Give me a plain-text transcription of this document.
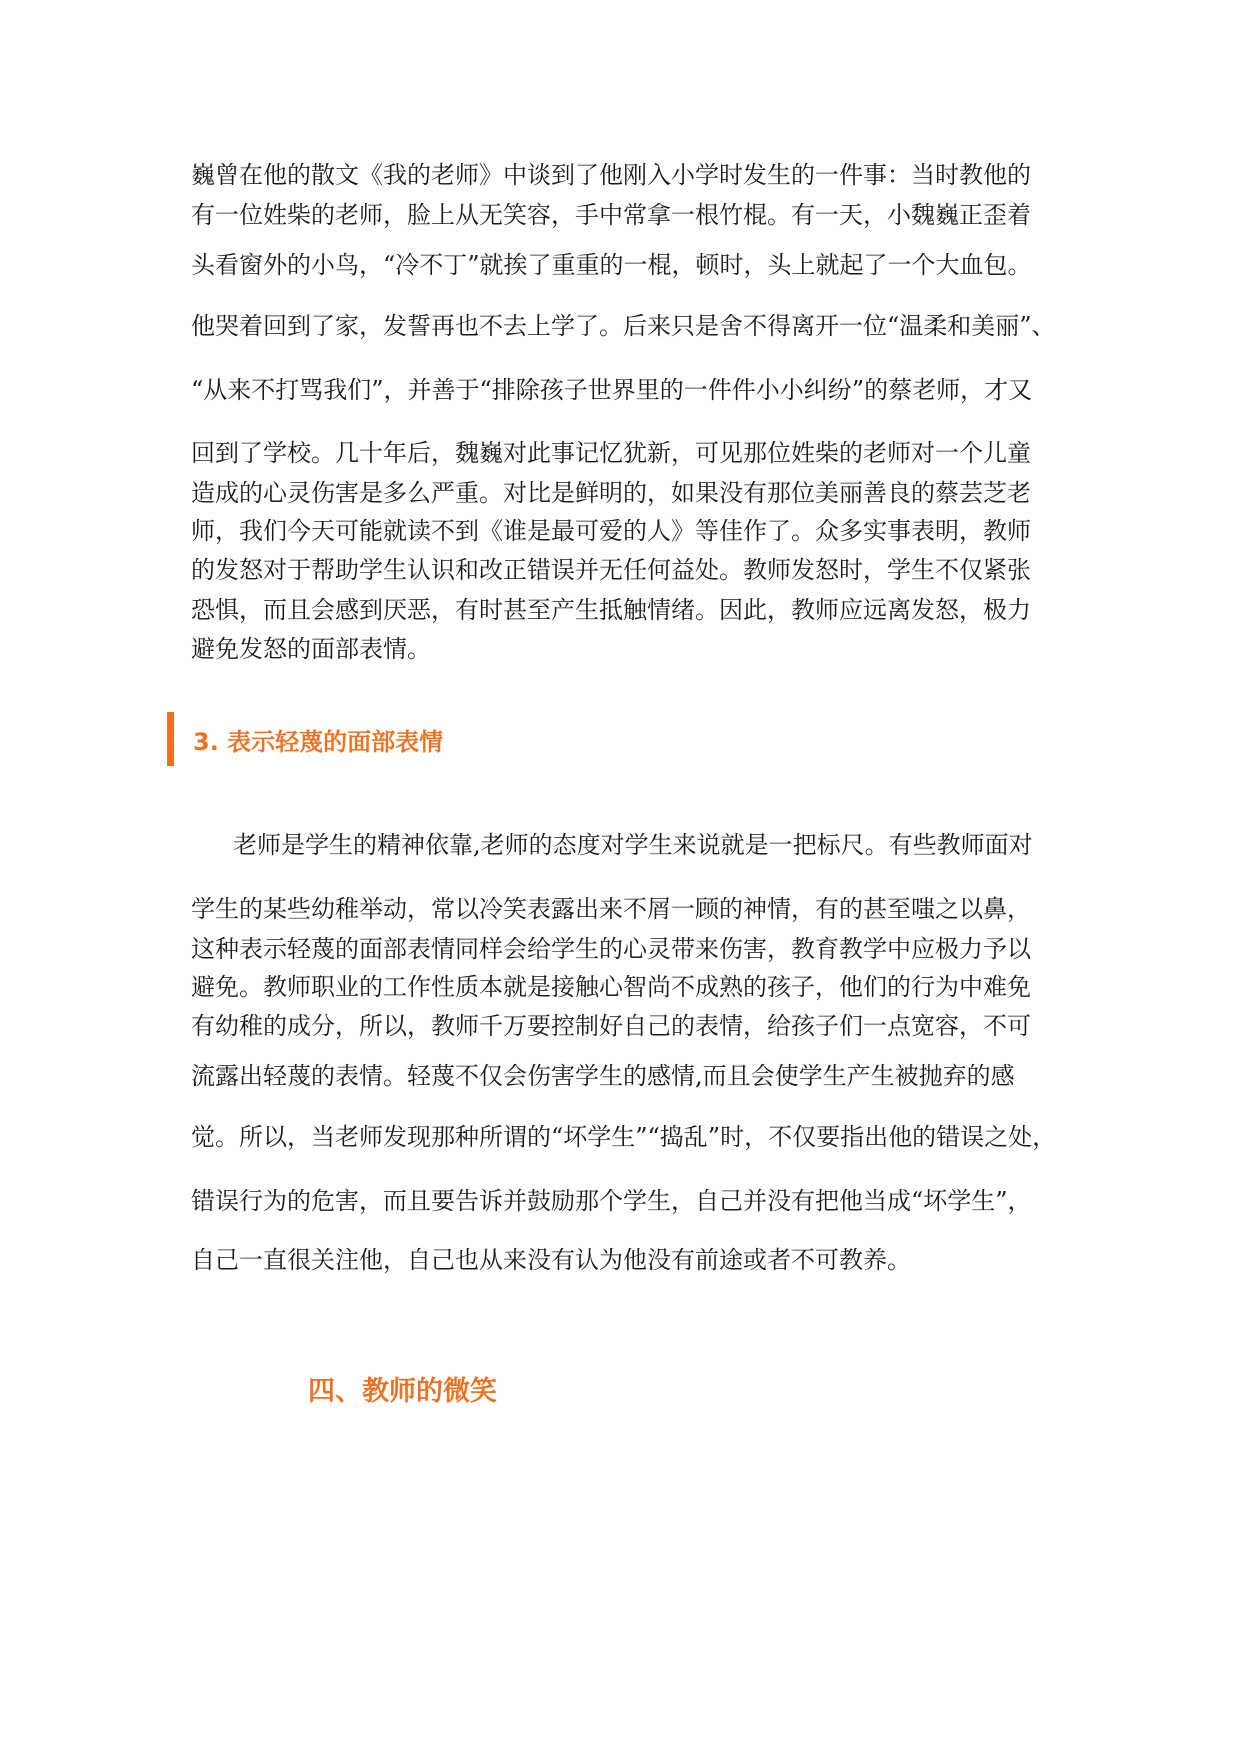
巍曾在他的散文《我的老师》中谈到了他刚入小学时发生的一件事：当时教他的

有一位姓柴的老师，脸上从无笑容，手中常拿一根竹棍。有一天，小魏巍正歪着

头看窗外的小鸟，“冷不丁”就挨了重重的一棍，顿时，头上就起了一个大血包。

他哭着回到了家，发誓再也不去上学了。后来只是舍不得离开一位“温柔和美丽”、

“从来不打骂我们”，并善于“排除孩子世界里的一件件小小纠纷”的蔡老师，才又

回到了学校。几十年后，魏巍对此事记忆犹新，可见那位姓柴的老师对一个儿童

造成的心灵伤害是多么严重。对比是鲜明的，如果没有那位美丽善良的蔡芸芝老

师，我们今天可能就读不到《谁是最可爱的人》等佳作了。众多实事表明，教师

的发怒对于帮助学生认识和改正错误并无任何益处。教师发怒时，学生不仅紧张

恐惧，而且会感到厌恶，有时甚至产生抵触情绪。因此，教师应远离发怒，极力

避免发怒的面部表情。

3. 表示轻蔑的面部表情

老师是学生的精神依靠,老师的态度对学生来说就是一把标尺。有些教师面对

学生的某些幼稚举动，常以冷笑表露出来不屑一顾的神情，有的甚至嗤之以鼻，

这种表示轻蔑的面部表情同样会给学生的心灵带来伤害，教育教学中应极力予以

避免。教师职业的工作性质本就是接触心智尚不成熟的孩子，他们的行为中难免

有幼稚的成分，所以，教师千万要控制好自己的表情，给孩子们一点宽容，不可

流露出轻蔑的表情。轻蔑不仅会伤害学生的感情,而且会使学生产生被抛弃的感

觉。所以，当老师发现那种所谓的“坏学生”“捣乱”时，不仅要指出他的错误之处，

错误行为的危害，而且要告诉并鼓励那个学生，自己并没有把他当成“坏学生”，

自己一直很关注他，自己也从来没有认为他没有前途或者不可教养。

四、教师的微笑
